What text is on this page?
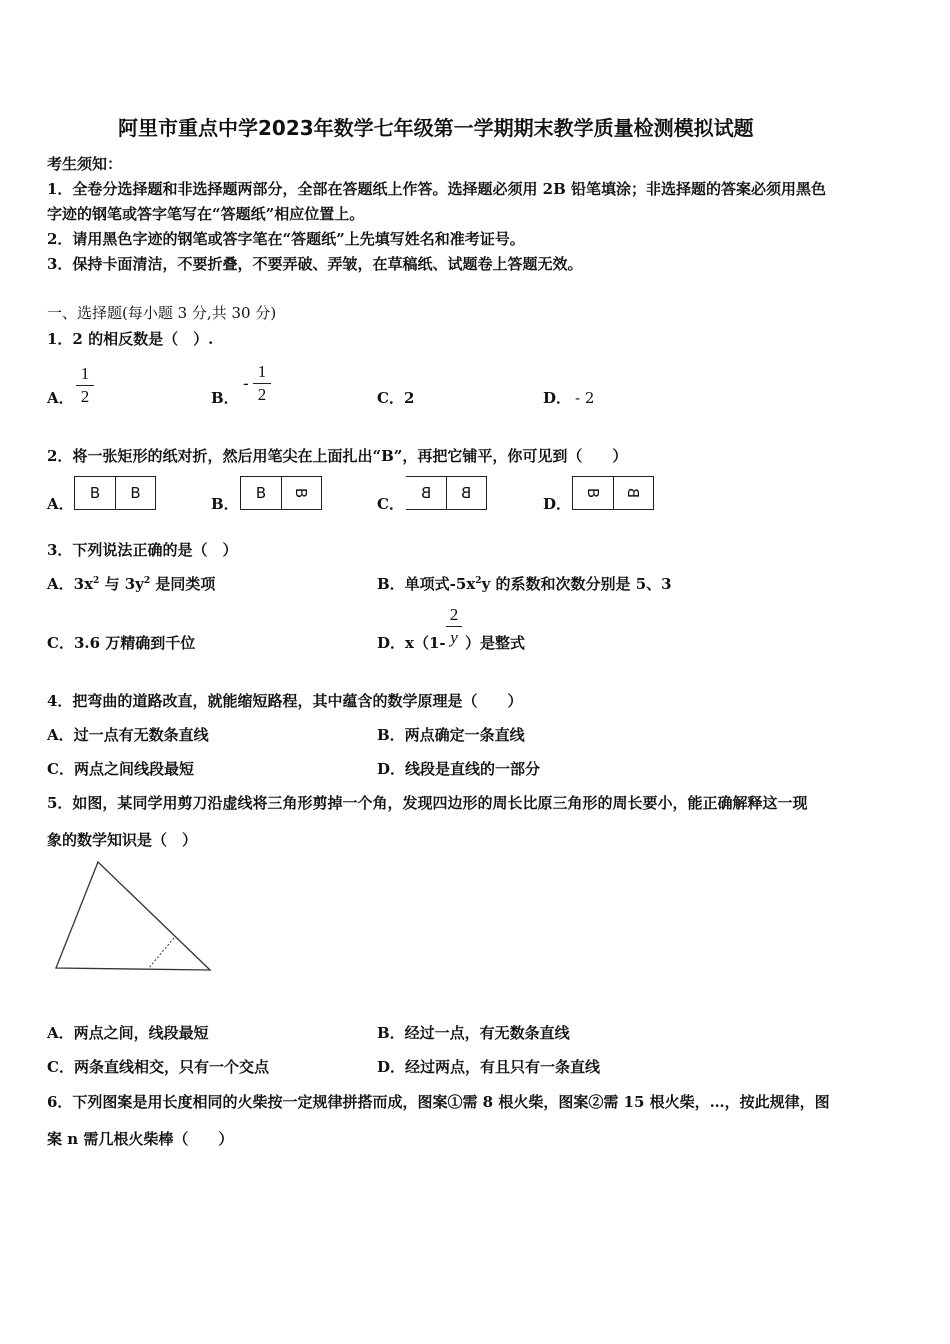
阿里市重点中学2023年数学七年级第一学期期末教学质量检测模拟试题
考生须知：
1．全卷分选择题和非选择题两部分，全部在答题纸上作答。选择题必须用 2B 铅笔填涂；非选择题的答案必须用黑色
字迹的钢笔或答字笔写在“答题纸”相应位置上。
2．请用黑色字迹的钢笔或答字笔在“答题纸”上先填写姓名和准考证号。
3．保持卡面清洁，不要折叠，不要弄破、弄皱，在草稿纸、试题卷上答题无效。
一、选择题(每小题 3 分,共 30 分)
1．2 的相反数是（　）.
A．
1
2	B．
-
1
2	C．2	D． - 2
2．将一张矩形的纸对折，然后用笔尖在上面扎出“B”，再把它铺平，你可见到（　　）
A．
B	B
B．
B	B
C．
B B
D．
B B
3．下列说法正确的是（　）
A．$3x^2$ 与 $3y^2$ 是同类项	B．单项式$-5x^2y$ 的系数和次数分别是 5、3
C．3.6 万精确到千位	D．x（1-
2
y ）是整式
4．把弯曲的道路改直，就能缩短路程，其中蕴含的数学原理是（　　）
A．过一点有无数条直线	B．两点确定一条直线
C．两点之间线段最短	D．线段是直线的一部分
5．如图，某同学用剪刀沿虚线将三角形剪掉一个角，发现四边形的周长比原三角形的周长要小，能正确解释这一现
象的数学知识是（　）
A．两点之间，线段最短	B．经过一点，有无数条直线
C．两条直线相交，只有一个交点	D．经过两点，有且只有一条直线
6．下列图案是用长度相同的火柴按一定规律拼搭而成，图案①需 8 根火柴，图案②需 15 根火柴，…，按此规律，图
案 n 需几根火柴棒（　　）
